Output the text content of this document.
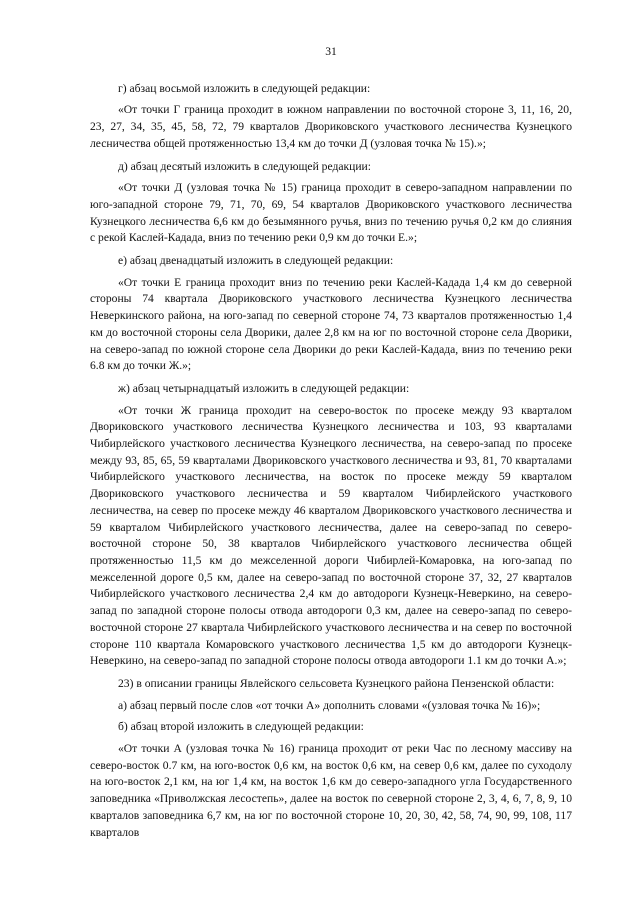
31

г) абзац восьмой изложить в следующей редакции:

«От точки Г граница проходит в южном направлении по восточной стороне 3, 11, 16, 20, 23, 27, 34, 35, 45, 58, 72, 79 кварталов Двориковского участкового лесничества Кузнецкого лесничества общей протяженностью 13,4 км до точки Д (узловая точка № 15).»;

д) абзац десятый изложить в следующей редакции:

«От точки Д (узловая точка № 15) граница проходит в северо-западном направлении по юго-западной стороне 79, 71, 70, 69, 54 кварталов Двориковского участкового лесничества Кузнецкого лесничества 6,6 км до безымянного ручья, вниз по течению ручья 0,2 км до слияния с рекой Каслей-Кадада, вниз по течению реки 0,9 км до точки Е.»;

е) абзац двенадцатый изложить в следующей редакции:

«От точки Е граница проходит вниз по течению реки Каслей-Кадада 1,4 км до северной стороны 74 квартала Двориковского участкового лесничества Кузнецкого лесничества Неверкинского района, на юго-запад по северной стороне 74, 73 кварталов протяженностью 1,4 км до восточной стороны села Дворики, далее 2,8 км на юг по восточной стороне села Дворики, на северо-запад по южной стороне села Дворики до реки Каслей-Кадада, вниз по течению реки 6.8 км до точки Ж.»;

ж) абзац четырнадцатый изложить в следующей редакции:

«От точки Ж граница проходит на северо-восток по просеке между 93 кварталом Двориковского участкового лесничества Кузнецкого лесничества и 103, 93 кварталами Чибирлейского участкового лесничества Кузнецкого лесничества, на северо-запад по просеке между 93, 85, 65, 59 кварталами Двориковского участкового лесничества и 93, 81, 70 кварталами Чибирлейского участкового лесничества, на восток по просеке между 59 кварталом Двориковского участкового лесничества и 59 кварталом Чибирлейского участкового лесничества, на север по просеке между 46 кварталом Двориковского участкового лесничества и 59 кварталом Чибирлейского участкового лесничества, далее на северо-запад по северо-восточной стороне 50, 38 кварталов Чибирлейского участкового лесничества общей протяженностью 11,5 км до межселенной дороги Чибирлей-Комаровка, на юго-запад по межселенной дороге 0,5 км, далее на северо-запад по восточной стороне 37, 32, 27 кварталов Чибирлейского участкового лесничества 2,4 км до автодороги Кузнецк-Неверкино, на северо-запад по западной стороне полосы отвода автодороги 0,3 км, далее на северо-запад по северо-восточной стороне 27 квартала Чибирлейского участкового лесничества и на север по восточной стороне 110 квартала Комаровского участкового лесничества 1,5 км до автодороги Кузнецк-Неверкино, на северо-запад по западной стороне полосы отвода автодороги 1.1 км до точки А.»;

23) в описании границы Явлейского сельсовета Кузнецкого района Пензенской области:

а) абзац первый после слов «от точки А» дополнить словами «(узловая точка № 16)»;

б) абзац второй изложить в следующей редакции:

«От точки А (узловая точка № 16) граница проходит от реки Час по лесному массиву на северо-восток 0.7 км, на юго-восток 0,6 км, на восток 0,6 км, на север 0,6 км, далее по суходолу на юго-восток 2,1 км, на юг 1,4 км, на восток 1,6 км до северо-западного угла Государственного заповедника «Приволжская лесостепь», далее на восток по северной стороне 2, 3, 4, 6, 7, 8, 9, 10 кварталов заповедника 6,7 км, на юг по восточной стороне 10, 20, 30, 42, 58, 74, 90, 99, 108, 117 кварталов
